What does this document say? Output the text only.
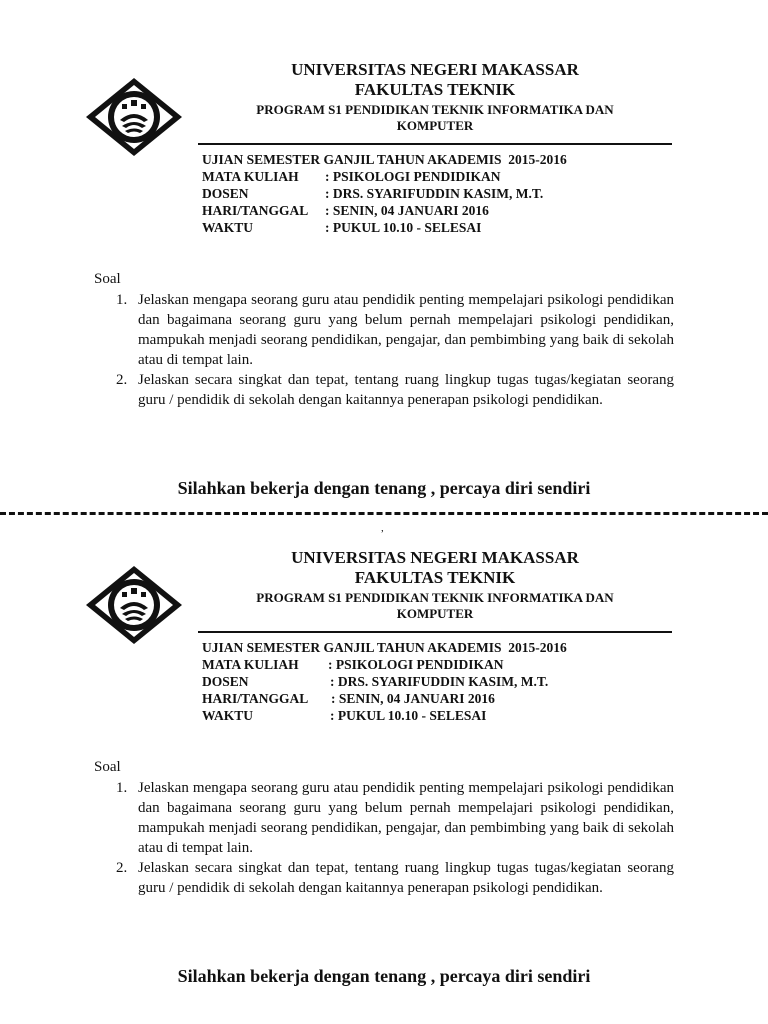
UNIVERSITAS NEGERI MAKASSAR
FAKULTAS TEKNIK
PROGRAM S1 PENDIDIKAN TEKNIK INFORMATIKA DAN
KOMPUTER
UJIAN SEMESTER GANJIL TAHUN AKADEMIS  2015-2016
MATA KULIAH : PSIKOLOGI PENDIDIKAN
DOSEN	: DRS. SYARIFUDDIN KASIM, M.T.
HARI/TANGGAL : SENIN, 04 JANUARI 2016
WAKTU	: PUKUL 10.10 - SELESAI
Soal
1. Jelaskan mengapa seorang guru atau pendidik penting mempelajari psikologi pendidikan dan bagaimana seorang guru yang belum pernah mempelajari psikologi pendidikan, mampukah menjadi seorang pendidikan, pengajar, dan pembimbing yang baik di sekolah atau di tempat lain.
2. Jelaskan secara singkat dan tepat, tentang ruang lingkup tugas tugas/kegiatan seorang guru / pendidik di sekolah dengan kaitannya penerapan psikologi pendidikan.
Silahkan bekerja dengan tenang , percaya diri sendiri
,
UNIVERSITAS NEGERI MAKASSAR
FAKULTAS TEKNIK
PROGRAM S1 PENDIDIKAN TEKNIK INFORMATIKA DAN
KOMPUTER
UJIAN SEMESTER GANJIL TAHUN AKADEMIS  2015-2016
MATA KULIAH : PSIKOLOGI PENDIDIKAN
DOSEN	: DRS. SYARIFUDDIN KASIM, M.T.
HARI/TANGGAL : SENIN, 04 JANUARI 2016
WAKTU	: PUKUL 10.10 - SELESAI
Soal
1. Jelaskan mengapa seorang guru atau pendidik penting mempelajari psikologi pendidikan dan bagaimana seorang guru yang belum pernah mempelajari psikologi pendidikan, mampukah menjadi seorang pendidikan, pengajar, dan pembimbing yang baik di sekolah atau di tempat lain.
2. Jelaskan secara singkat dan tepat, tentang ruang lingkup tugas tugas/kegiatan seorang guru / pendidik di sekolah dengan kaitannya penerapan psikologi pendidikan.
Silahkan bekerja dengan tenang , percaya diri sendiri
